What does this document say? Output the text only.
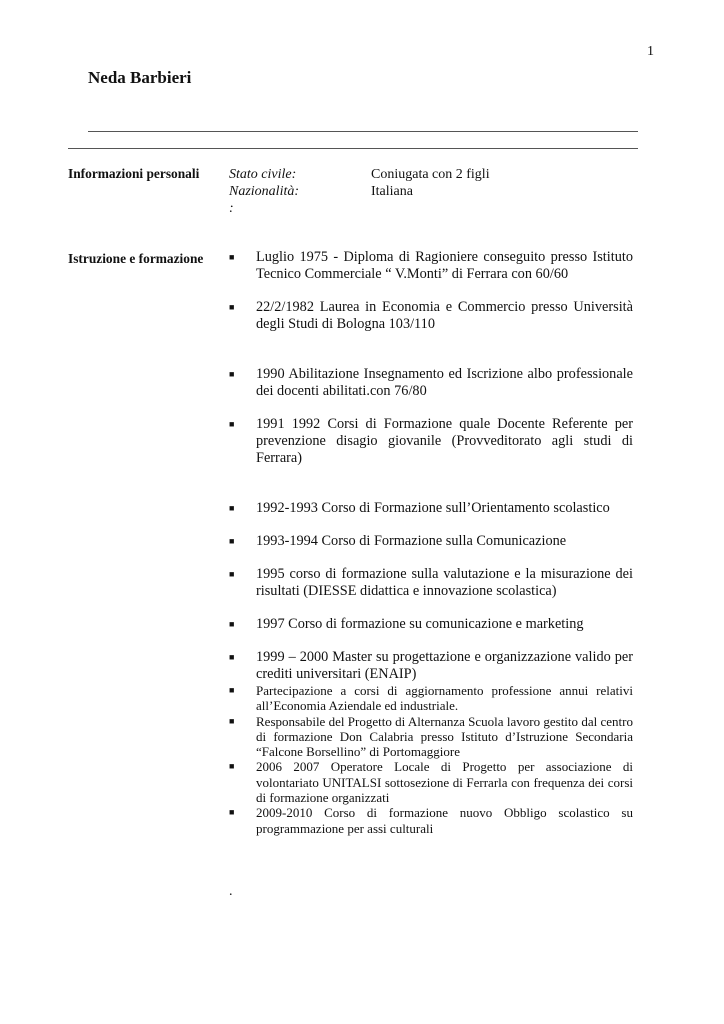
1
Neda Barbieri
Informazioni personali Stato civile:	Coniugata con 2 figli
Nazionalità:	Italiana
:
Istruzione e formazione	■	Luglio 1975 - Diploma di Ragioniere conseguito presso Istituto Tecnico Commerciale “ V.Monti” di Ferrara con 60/60
■	22/2/1982 Laurea in Economia e Commercio presso Università degli Studi di Bologna 103/110
■	1990 Abilitazione Insegnamento ed Iscrizione albo professionale dei docenti abilitati.con 76/80
■	1991 1992 Corsi di Formazione quale Docente Referente per prevenzione disagio giovanile (Provveditorato agli studi di Ferrara)
■	1992-1993 Corso di Formazione sull’Orientamento scolastico
■	1993-1994 Corso di Formazione sulla Comunicazione
■	1995 corso di formazione sulla valutazione e la misurazione dei risultati (DIESSE didattica e innovazione scolastica)
■	1997 Corso di formazione su comunicazione e marketing
■	1999 – 2000 Master su progettazione e organizzazione valido per crediti universitari (ENAIP)
■	Partecipazione a corsi di aggiornamento professione annui relativi all’Economia Aziendale ed industriale.
■	Responsabile del Progetto di Alternanza Scuola lavoro gestito dal centro di formazione Don Calabria presso Istituto d’Istruzione Secondaria “Falcone Borsellino” di Portomaggiore
■	2006 2007 Operatore Locale di Progetto per associazione di volontariato UNITALSI sottosezione di Ferrarla con frequenza dei corsi di formazione organizzati
■	2009-2010 Corso di formazione nuovo Obbligo scolastico su programmazione per assi culturali
.
